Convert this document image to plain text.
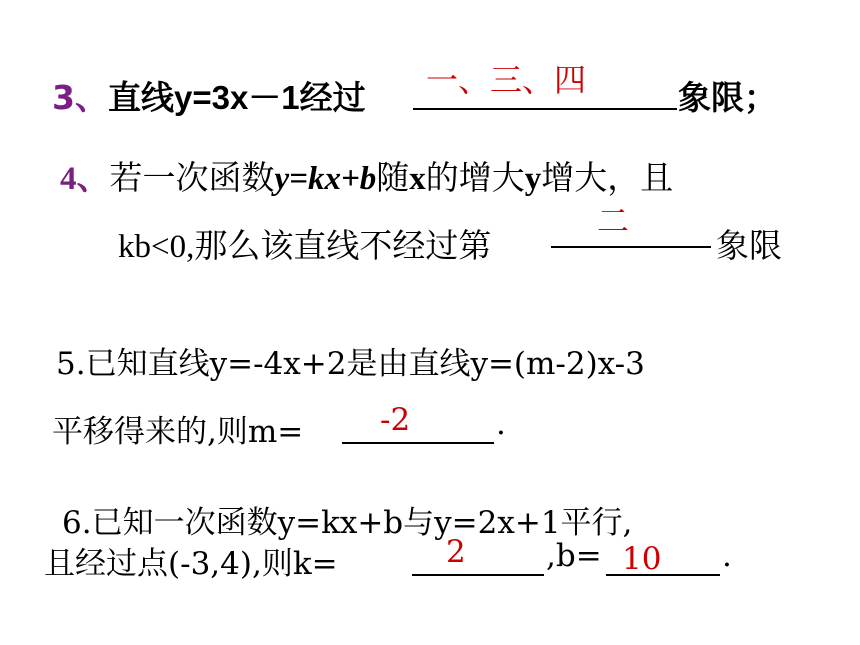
3、直线y=3x－1经过 一、三、四	象限；
4、若一次函数y=kx+b随x的增大y增大，且
kb<0,那么该直线不经过第
二
象限
5.已知直线y=-4x+2是由直线y=(m-2)x-3
平移得来的,则m= -2	.
6.已知一次函数y=kx+b与y=2x+1平行,
且经过点(-3,4),则k=	2	,b= 10 .
